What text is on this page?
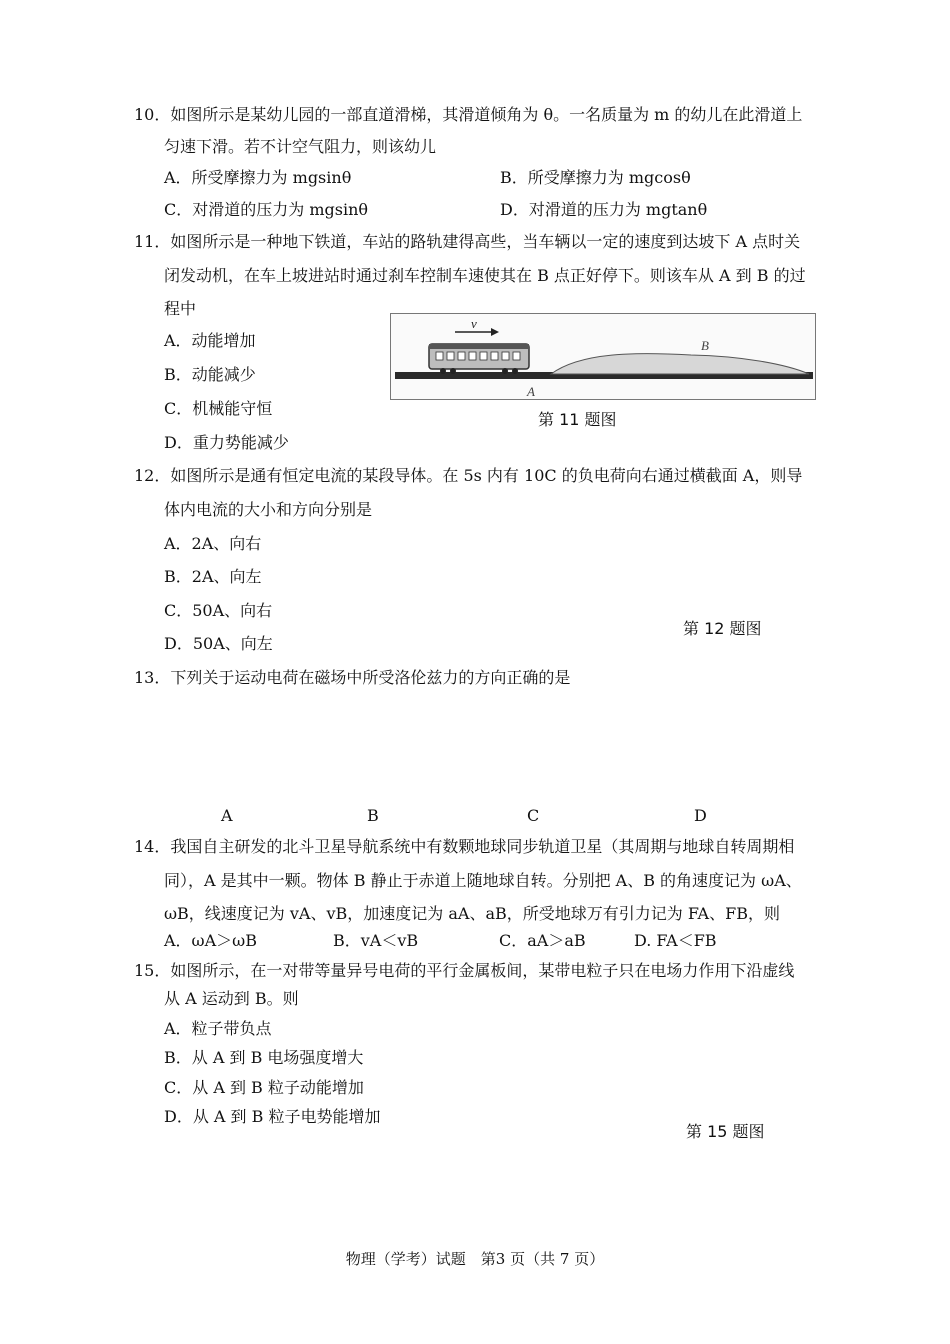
10．如图所示是某幼儿园的一部直道滑梯，其滑道倾角为 θ。一名质量为 m 的幼儿在此滑道上
匀速下滑。若不计空气阻力，则该幼儿
A．所受摩擦力为 mgsinθ	B．所受摩擦力为 mgcosθ
C．对滑道的压力为 mgsinθ	D．对滑道的压力为 mgtanθ
11．如图所示是一种地下铁道，车站的路轨建得高些，当车辆以一定的速度到达坡下 A 点时关
闭发动机，在车上坡进站时通过刹车控制车速使其在 B 点正好停下。则该车从 A 到 B 的过
程中
A．动能增加
B．动能减少
C．机械能守恒
D．重力势能减少
v
A
B
第 11 题图
12．如图所示是通有恒定电流的某段导体。在 5s 内有 10C 的负电荷向右通过横截面 A，则导
体内电流的大小和方向分别是
A．2A、向右
B．2A、向左
C．50A、向右
D．50A、向左
第 12 题图
13．下列关于运动电荷在磁场中所受洛伦兹力的方向正确的是
A	B	C	D
14．我国自主研发的北斗卫星导航系统中有数颗地球同步轨道卫星（其周期与地球自转周期相
同），A 是其中一颗。物体 B 静止于赤道上随地球自转。分别把 A、B 的角速度记为 ωA、
ωB，线速度记为 vA、vB，加速度记为 aA、aB，所受地球万有引力记为 FA、FB，则
A．ωA＞ωB	B．vA＜vB	C．aA＞aB	D. FA＜FB
15．如图所示，在一对带等量异号电荷的平行金属板间，某带电粒子只在电场力作用下沿虚线
从 A 运动到 B。则
A．粒子带负点
B．从 A 到 B 电场强度增大
C．从 A 到 B 粒子动能增加
D．从 A 到 B 粒子电势能增加
第 15 题图
物理（学考）试题　第3 页（共 7 页）
